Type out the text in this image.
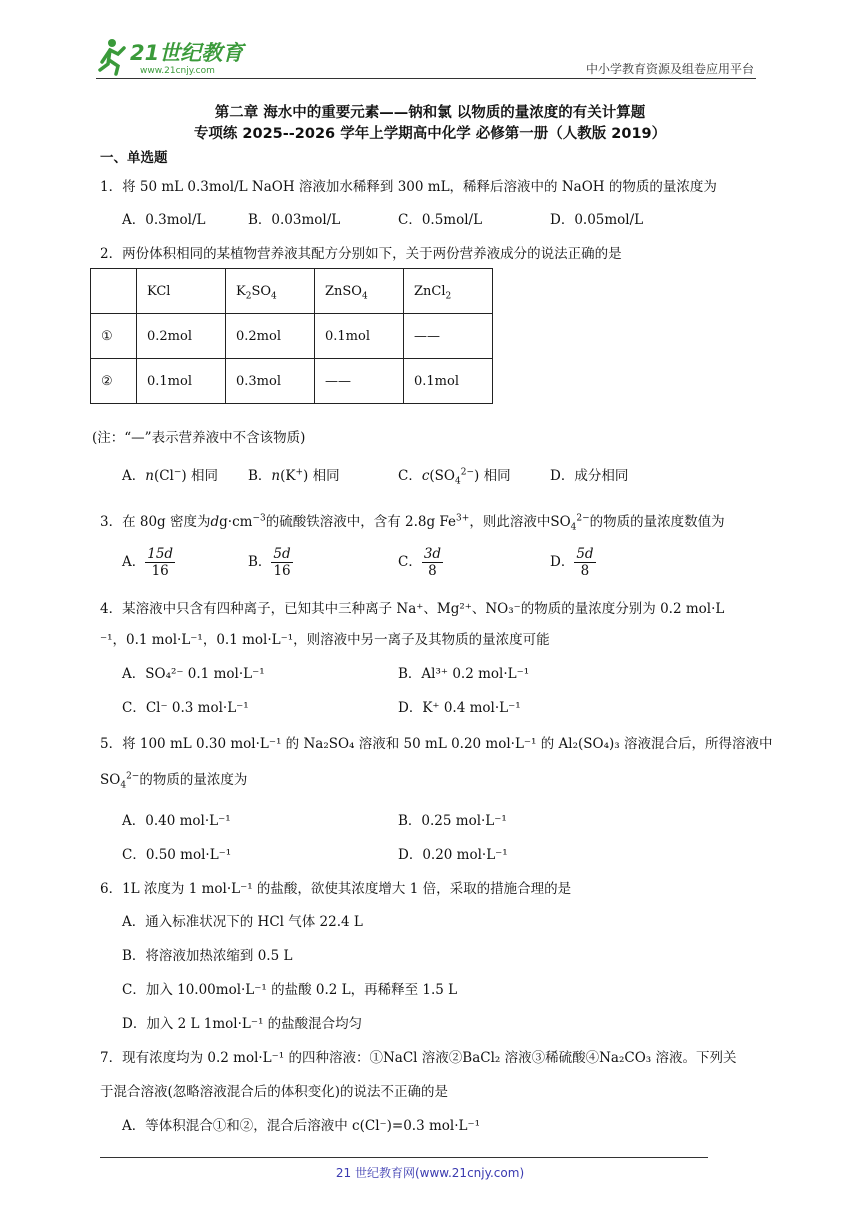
21世纪教育
www.21cnjy.com	中小学教育资源及组卷应用平台
第二章 海水中的重要元素——钠和氯 以物质的量浓度的有关计算题
专项练 2025--2026 学年上学期高中化学 必修第一册（人教版 2019）
一、单选题
1．将 50 mL 0.3mol/L NaOH 溶液加水稀释到 300 mL，稀释后溶液中的 NaOH 的物质的量浓度为
A．0.3mol/L	B．0.03mol/L	C．0.5mol/L	D．0.05mol/L
2．两份体积相同的某植物营养液其配方分别如下，关于两份营养液成分的说法正确的是
	KCl	$K_2SO_4$	ZnSO$_4$	ZnCl$_2$
①	0.2mol	0.2mol	0.1mol	——
②	0.1mol	0.3mol	——	0.1mol
(注：“—”表示营养液中不含该物质)
A．n(Cl−) 相同 B．n(K+) 相同	C．$c(SO_4^{2-})$ 相同	D．成分相同
3．在 80g 密度为$dg\cdot cm^{-3}$的硫酸铁溶液中，含有 2.8g $Fe^{3+}$，则此溶液中$SO_4^{2-}$的物质的量浓度数值为
A． $\frac{15d}{16}$	B． $\frac{5d}{16}$	C． $\frac{3d}{8}$	D． $\frac{5d}{8}$
4．某溶液中只含有四种离子，已知其中三种离子 Na⁺、Mg²⁺、NO₃⁻的物质的量浓度分别为 0.2 mol·L
⁻¹，0.1 mol·L⁻¹，0.1 mol·L⁻¹，则溶液中另一离子及其物质的量浓度可能
A．SO₄²⁻ 0.1 mol·L⁻¹	B．Al³⁺ 0.2 mol·L⁻¹
C．Cl⁻ 0.3 mol·L⁻¹	D．K⁺ 0.4 mol·L⁻¹
5．将 100 mL 0.30 mol·L⁻¹ 的 Na₂SO₄ 溶液和 50 mL 0.20 mol·L⁻¹ 的 Al₂(SO₄)₃ 溶液混合后，所得溶液中
$SO_4^{2-}$的物质的量浓度为
A．0.40 mol·L⁻¹	B．0.25 mol·L⁻¹
C．0.50 mol·L⁻¹	D．0.20 mol·L⁻¹
6．1L 浓度为 1 mol·L⁻¹ 的盐酸，欲使其浓度增大 1 倍，采取的措施合理的是
A．通入标准状况下的 HCl 气体 22.4 L
B．将溶液加热浓缩到 0.5 L
C．加入 10.00mol·L⁻¹ 的盐酸 0.2 L，再稀释至 1.5 L
D．加入 2 L 1mol·L⁻¹ 的盐酸混合均匀
7．现有浓度均为 0.2 mol·L⁻¹ 的四种溶液：①NaCl 溶液②BaCl₂ 溶液③稀硫酸④Na₂CO₃ 溶液。下列关
于混合溶液(忽略溶液混合后的体积变化)的说法不正确的是
A．等体积混合①和②，混合后溶液中 c(Cl⁻)=0.3 mol·L⁻¹
21 世纪教育网(www.21cnjy.com)
